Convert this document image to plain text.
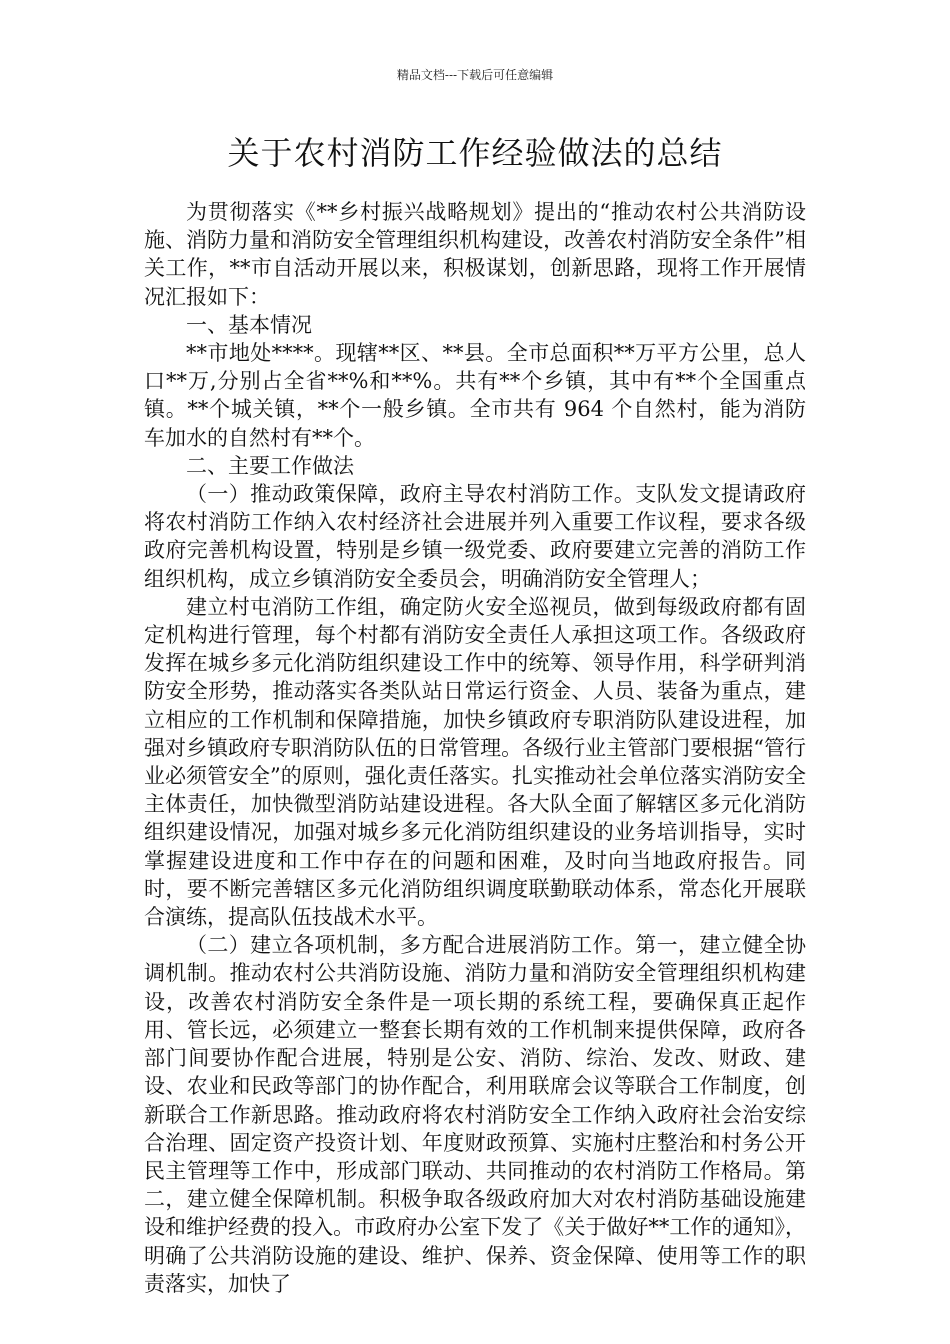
精品文档---下载后可任意编辑
关于农村消防工作经验做法的总结

为贯彻落实《**乡村振兴战略规划》提出的“推动农村公共消防设施、消防力量和消防安全管理组织机构建设，改善农村消防安全条件”相关工作，**市自活动开展以来，积极谋划，创新思路，现将工作开展情况汇报如下：

一、基本情况

**市地处****。现辖**区、**县。全市总面积**万平方公里，总人口**万,分别占全省**%和**%。共有**个乡镇，其中有**个全国重点镇。**个城关镇，**个一般乡镇。全市共有 964 个自然村，能为消防车加水的自然村有**个。

二、主要工作做法

（一）推动政策保障，政府主导农村消防工作。支队发文提请政府将农村消防工作纳入农村经济社会进展并列入重要工作议程，要求各级政府完善机构设置，特别是乡镇一级党委、政府要建立完善的消防工作组织机构，成立乡镇消防安全委员会，明确消防安全管理人；

建立村屯消防工作组，确定防火安全巡视员，做到每级政府都有固定机构进行管理，每个村都有消防安全责任人承担这项工作。各级政府发挥在城乡多元化消防组织建设工作中的统筹、领导作用，科学研判消防安全形势，推动落实各类队站日常运行资金、人员、装备为重点，建立相应的工作机制和保障措施，加快乡镇政府专职消防队建设进程，加强对乡镇政府专职消防队伍的日常管理。各级行业主管部门要根据“管行业必须管安全”的原则，强化责任落实。扎实推动社会单位落实消防安全主体责任，加快微型消防站建设进程。各大队全面了解辖区多元化消防组织建设情况，加强对城乡多元化消防组织建设的业务培训指导，实时掌握建设进度和工作中存在的问题和困难，及时向当地政府报告。同时，要不断完善辖区多元化消防组织调度联勤联动体系，常态化开展联合演练，提高队伍技战术水平。

（二）建立各项机制，多方配合进展消防工作。第一，建立健全协调机制。推动农村公共消防设施、消防力量和消防安全管理组织机构建设，改善农村消防安全条件是一项长期的系统工程，要确保真正起作用、管长远，必须建立一整套长期有效的工作机制来提供保障，政府各部门间要协作配合进展，特别是公安、消防、综治、发改、财政、建设、农业和民政等部门的协作配合，利用联席会议等联合工作制度，创新联合工作新思路。推动政府将农村消防安全工作纳入政府社会治安综合治理、固定资产投资计划、年度财政预算、实施村庄整治和村务公开民主管理等工作中，形成部门联动、共同推动的农村消防工作格局。第二，建立健全保障机制。积极争取各级政府加大对农村消防基础设施建设和维护经费的投入。市政府办公室下发了《关于做好**工作的通知》，明确了公共消防设施的建设、维护、保养、资金保障、使用等工作的职责落实，加快了
